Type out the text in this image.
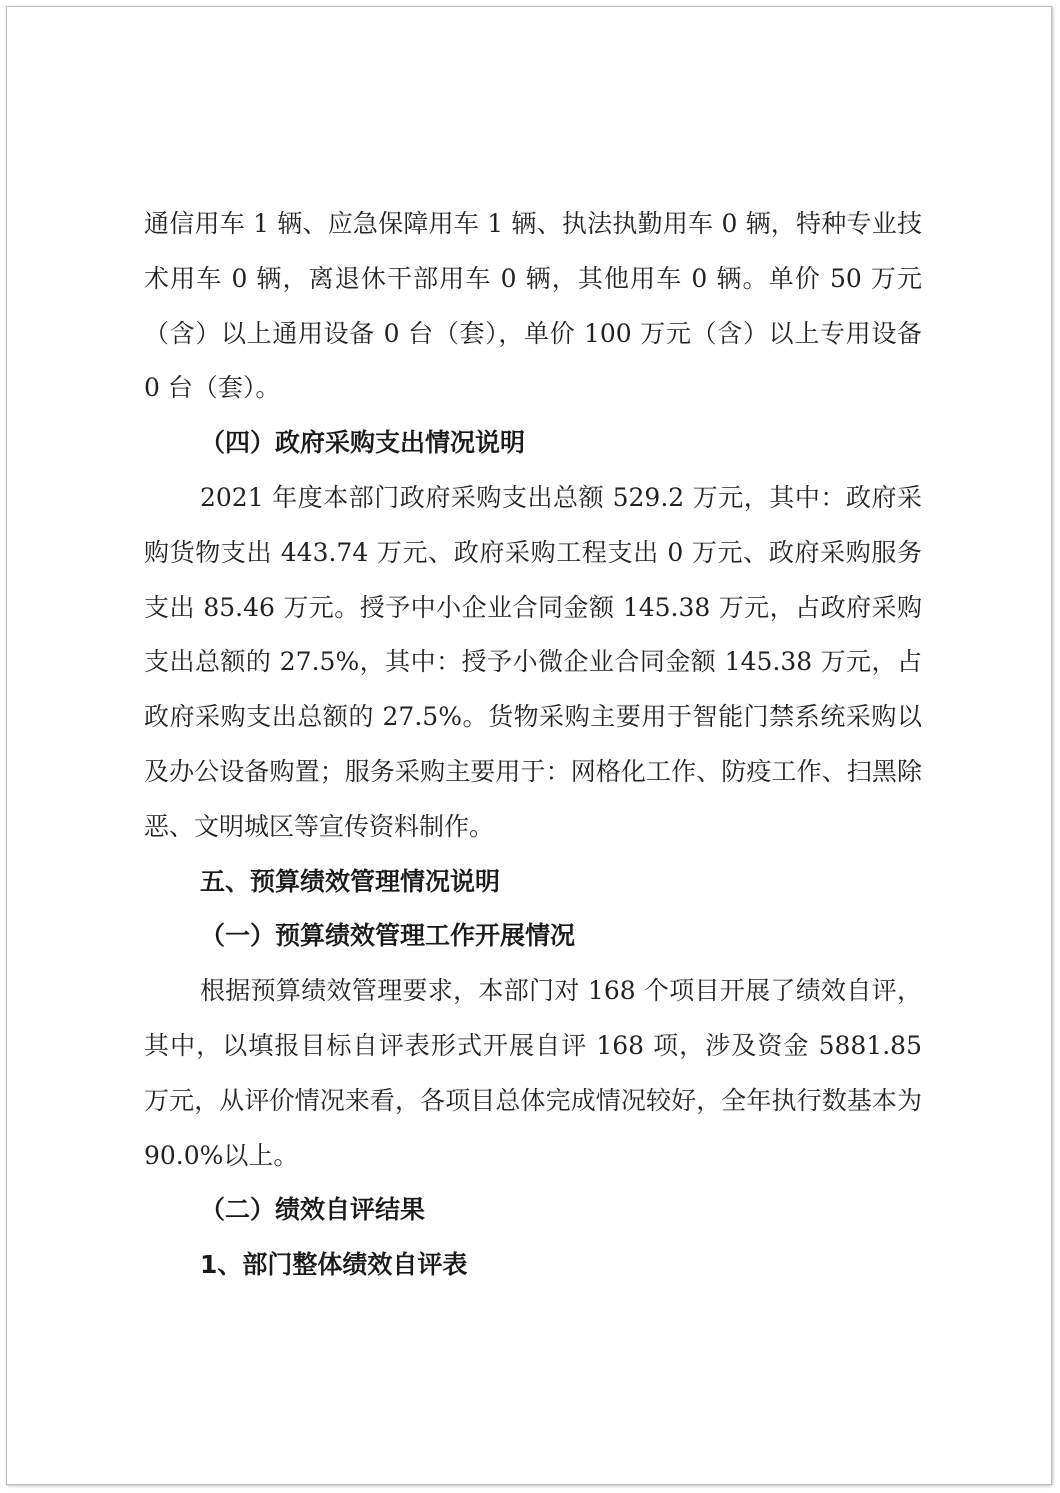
通信用车 1 辆、应急保障用车 1 辆、执法执勤用车 0 辆，特种专业技术用车 0 辆，离退休干部用车 0 辆，其他用车 0 辆。单价 50 万元（含）以上通用设备 0 台（套），单价 100 万元（含）以上专用设备 0 台（套）。

（四）政府采购支出情况说明

2021 年度本部门政府采购支出总额 529.2 万元，其中：政府采购货物支出 443.74 万元、政府采购工程支出 0 万元、政府采购服务支出 85.46 万元。授予中小企业合同金额 145.38 万元，占政府采购支出总额的 27.5%，其中：授予小微企业合同金额 145.38 万元，占政府采购支出总额的 27.5%。货物采购主要用于智能门禁系统采购以及办公设备购置；服务采购主要用于：网格化工作、防疫工作、扫黑除恶、文明城区等宣传资料制作。

五、预算绩效管理情况说明

（一）预算绩效管理工作开展情况

根据预算绩效管理要求，本部门对 168 个项目开展了绩效自评，其中，以填报目标自评表形式开展自评 168 项，涉及资金 5881.85 万元，从评价情况来看，各项目总体完成情况较好，全年执行数基本为 90.0%以上。

（二）绩效自评结果

1、部门整体绩效自评表
